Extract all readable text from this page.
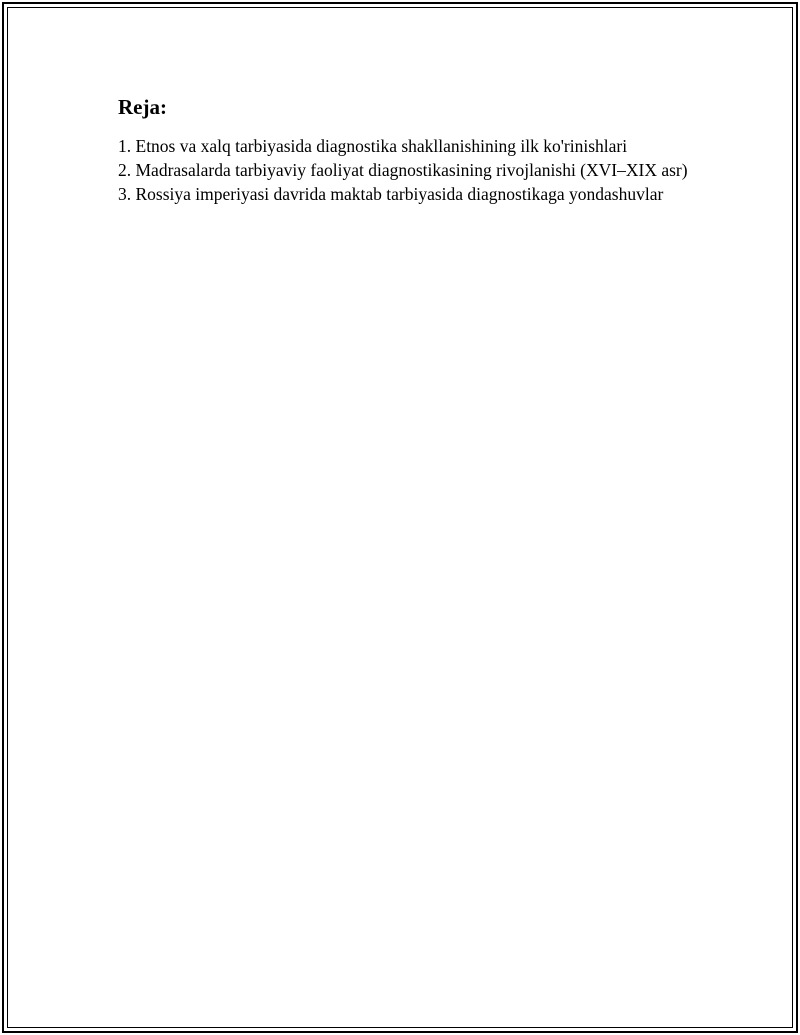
Reja:
1. Etnos va xalq tarbiyasida diagnostika shakllanishining ilk ko'rinishlari
2. Madrasalarda tarbiyaviy faoliyat diagnostikasining rivojlanishi (XVI–XIX asr)
3. Rossiya imperiyasi davrida maktab tarbiyasida diagnostikaga yondashuvlar
